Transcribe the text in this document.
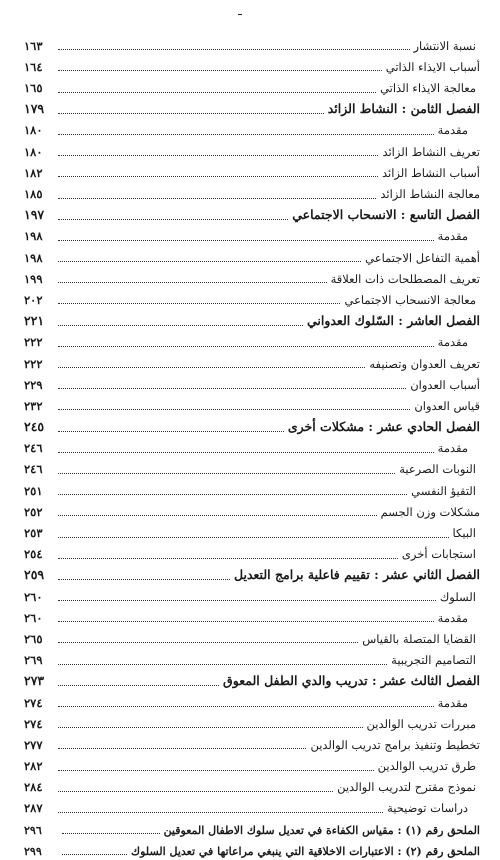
نسبة الانتشار
١٦٣
أسباب الايذاء الذاتي
١٦٤
معالجة الايذاء الذاتي
١٦٥
الفصل الثامن : النشاط الزائد
١٧٩
مقدمة
١٨٠
تعريف النشاط الزائد
١٨٠
أسباب النشاط الزائد
١٨٢
معالجة النشاط الزائد
١٨٥
الفصل التاسع : الانسحاب الاجتماعي
١٩٧
مقدمة
١٩٨
أهمية التفاعل الاجتماعي
١٩٨
تعريف المصطلحات ذات العلاقة
١٩٩
معالجة الانسحاب الاجتماعي
٢٠٢
الفصل العاشر : السّلوك العدواني
٢٢١
مقدمة
٢٢٢
تعريف العدوان وتصنيفه
٢٢٢
أسباب العدوان
٢٢٩
قياس العدوان
٢٣٢
الفصل الحادي عشر : مشكلات أخرى
٢٤٥
مقدمة
٢٤٦
النوبات الصرعية
٢٤٦
التقيؤ النفسي
٢٥١
مشكلات وزن الجسم
٢٥٢
البيكا
٢٥٣
استجابات أخرى
٢٥٤
الفصل الثاني عشر : تقييم فاعلية برامج التعديل
٢٥٩
السلوك
٢٦٠
مقدمة
٢٦٠
القضايا المتصلة بالقياس
٢٦٥
التصاميم التجريبية
٢٦٩
الفصل الثالث عشر : تدريب والدي الطفل المعوق
٢٧٣
مقدمة
٢٧٤
مبررات تدريب الوالدين
٢٧٤
تخطيط وتنفيذ برامج تدريب الوالدين
٢٧٧
طرق تدريب الوالدين
٢٨٢
نموذج مقترح لتدريب الوالدين
٢٨٤
دراسات توضيحية
٢٨٧
الملحق رقم (١) : مقياس الكفاءة في تعديل سلوك الاطفال المعوقين
٢٩٦
الملحق رقم (٢) : الاعتبارات الاخلاقية التي ينبغي مراعاتها في تعديل السلوك
٢٩٩
